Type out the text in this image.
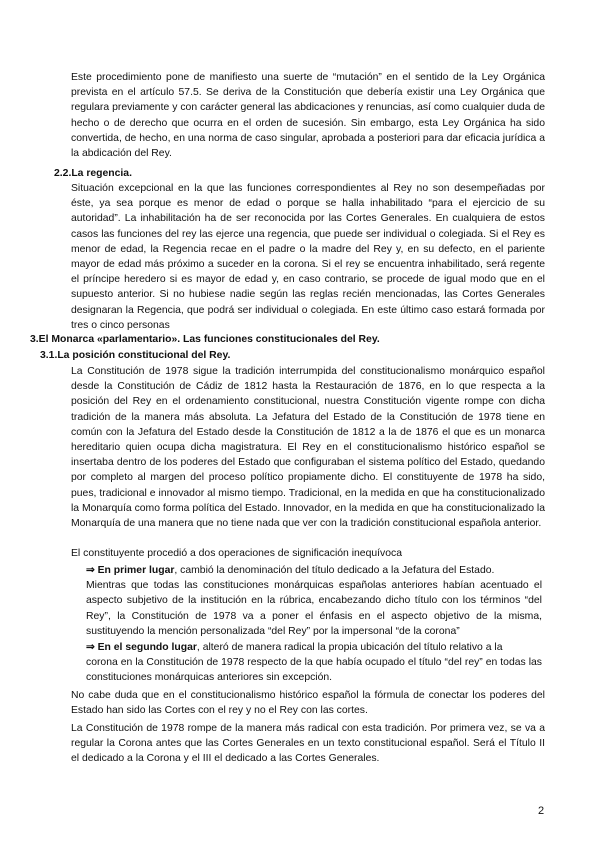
Este procedimiento pone de manifiesto una suerte de “mutación” en el sentido de la Ley Orgánica prevista en el artículo 57.5. Se deriva de la Constitución que debería existir una Ley Orgánica que regulara previamente y con carácter general las abdicaciones y renuncias, así como cualquier duda de hecho o de derecho que ocurra en el orden de sucesión. Sin embargo, esta Ley Orgánica ha sido convertida, de hecho, en una norma de caso singular, aprobada a posteriori para dar eficacia jurídica a la abdicación del Rey.

2.2.La regencia.

Situación excepcional en la que las funciones correspondientes al Rey no son desempeñadas por éste, ya sea porque es menor de edad o porque se halla inhabilitado “para el ejercicio de su autoridad”. La inhabilitación ha de ser reconocida por las Cortes Generales. En cualquiera de estos casos las funciones del rey las ejerce una regencia, que puede ser individual o colegiada. Si el Rey es menor de edad, la Regencia recae en el padre o la madre del Rey y, en su defecto, en el pariente mayor de edad más próximo a suceder en la corona. Si el rey se encuentra inhabilitado, será regente el príncipe heredero si es mayor de edad y, en caso contrario, se procede de igual modo que en el supuesto anterior. Si no hubiese nadie según las reglas recién mencionadas, las Cortes Generales designaran la Regencia, que podrá ser individual o colegiada. En este último caso estará formada por tres o cinco personas

3.El Monarca «parlamentario». Las funciones constitucionales del Rey.

3.1.La posición constitucional del Rey.

La Constitución de 1978 sigue la tradición interrumpida del constitucionalismo monárquico español desde la Constitución de Cádiz de 1812 hasta la Restauración de 1876, en lo que respecta a la posición del Rey en el ordenamiento constitucional, nuestra Constitución vigente rompe con dicha tradición de la manera más absoluta. La Jefatura del Estado de la Constitución de 1978 tiene en común con la Jefatura del Estado desde la Constitución de 1812 a la de 1876 el que es un monarca hereditario quien ocupa dicha magistratura. El Rey en el constitucionalismo histórico español se insertaba dentro de los poderes del Estado que configuraban el sistema político del Estado, quedando por completo al margen del proceso político propiamente dicho. El constituyente de 1978 ha sido, pues, tradicional e innovador al mismo tiempo. Tradicional, en la medida en que ha constitucionalizado la Monarquía como forma política del Estado. Innovador, en la medida en que ha constitucionalizado la Monarquía de una manera que no tiene nada que ver con la tradición constitucional española anterior.

El constituyente procedió a dos operaciones de significación inequívoca

⇒ En primer lugar, cambió la denominación del título dedicado a la Jefatura del Estado.
Mientras que todas las constituciones monárquicas españolas anteriores habían acentuado el aspecto subjetivo de la institución en la rúbrica, encabezando dicho título con los términos “del Rey”, la Constitución de 1978 va a poner el énfasis en el aspecto objetivo de la misma, sustituyendo la mención personalizada “del Rey” por la impersonal “de la corona”
⇒ En el segundo lugar, alteró de manera radical la propia ubicación del título relativo a la
corona en la Constitución de 1978 respecto de la que había ocupado el título “del rey” en todas las constituciones monárquicas anteriores sin excepción.

No cabe duda que en el constitucionalismo histórico español la fórmula de conectar los poderes del Estado han sido las Cortes con el rey y no el Rey con las cortes.

La Constitución de 1978 rompe de la manera más radical con esta tradición. Por primera vez, se va a regular la Corona antes que las Cortes Generales en un texto constitucional español. Será el Título II el dedicado a la Corona y el III el dedicado a las Cortes Generales.

2
